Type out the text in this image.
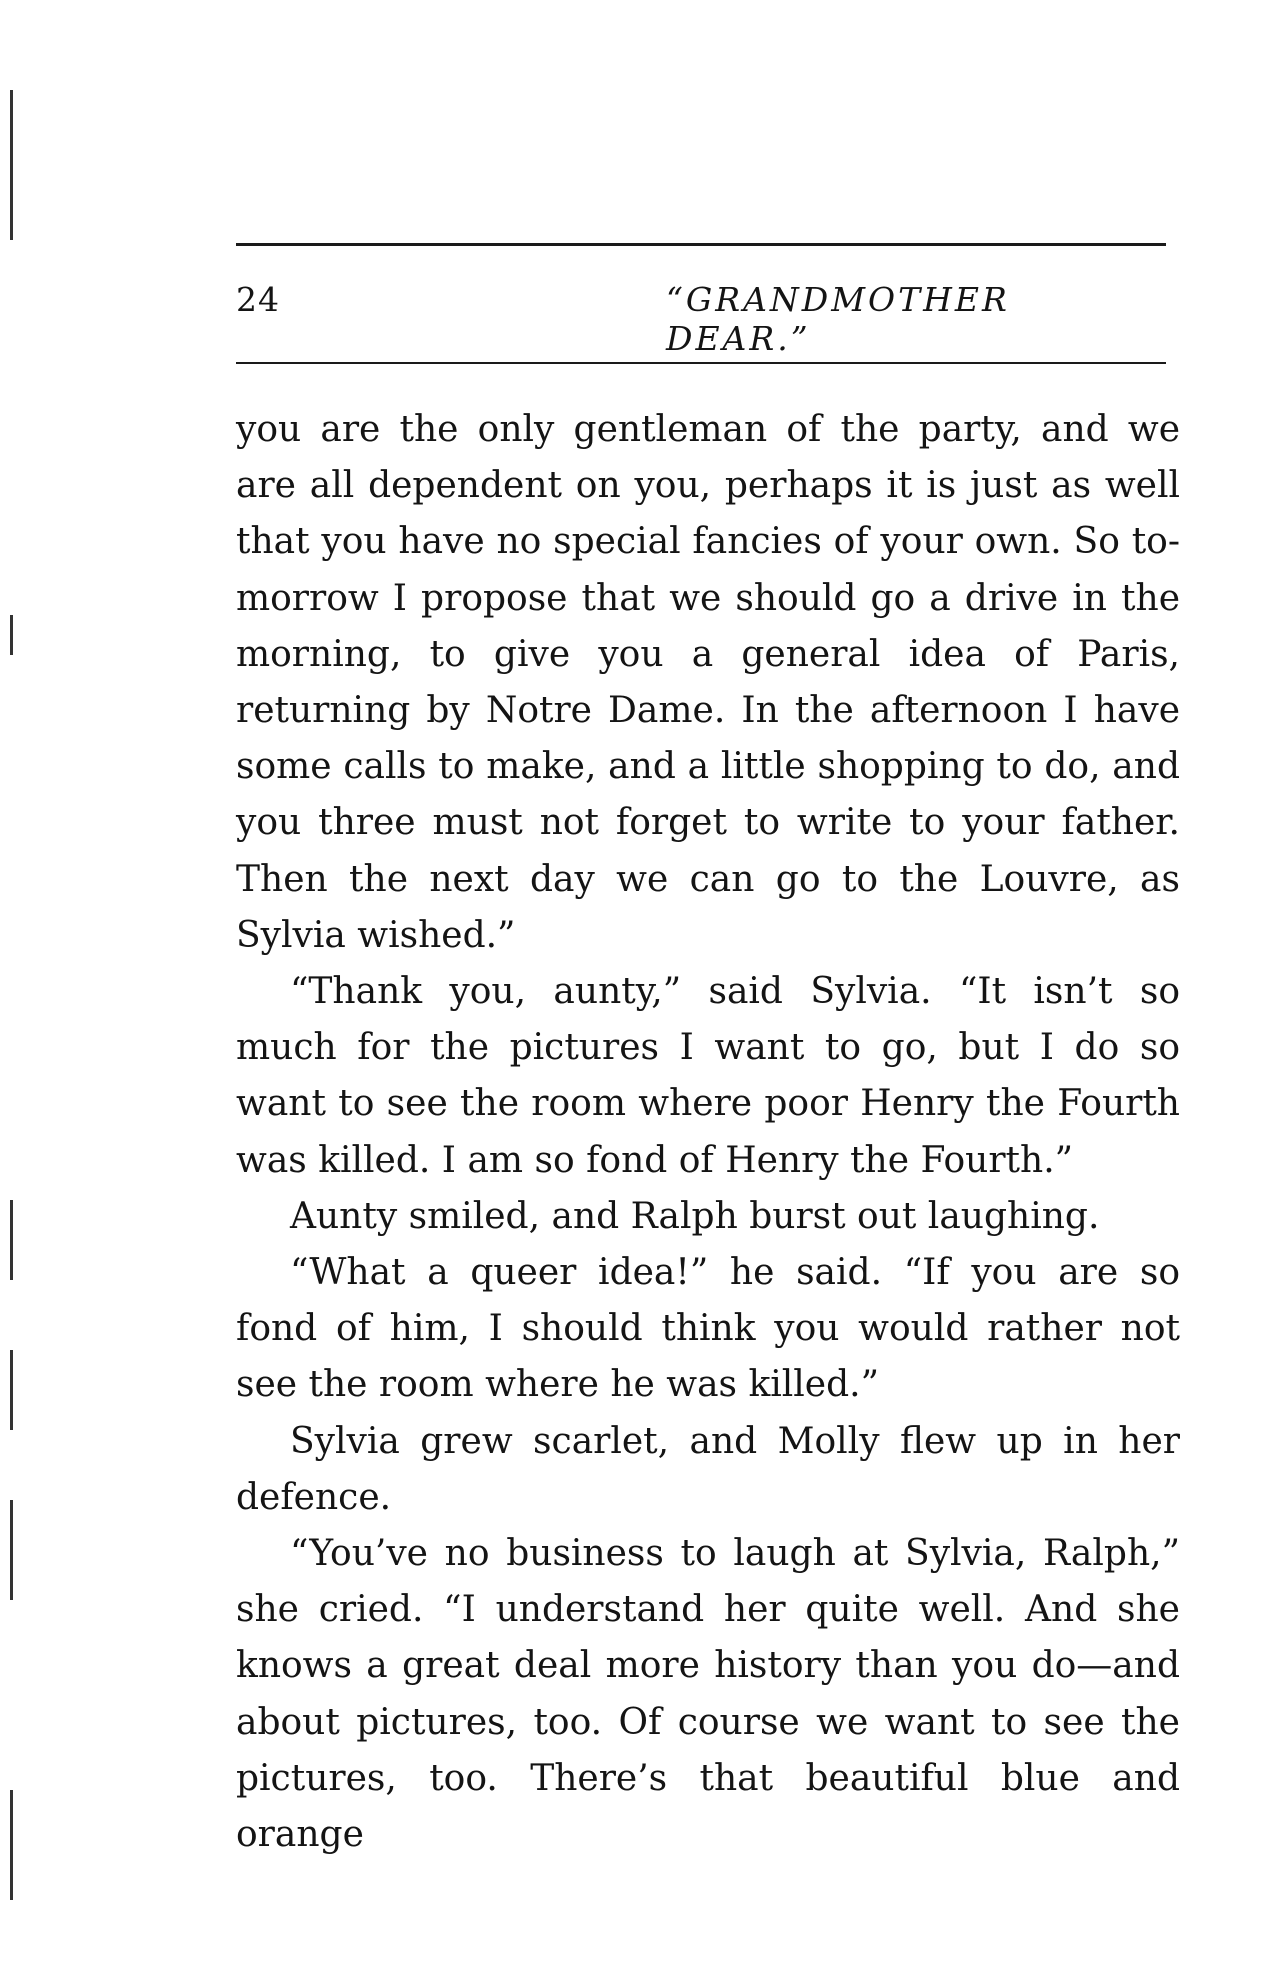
24	“GRANDMOTHER DEAR.”

you are the only gentleman of the party, and we are all dependent on you, perhaps it is just as well that you have no special fancies of your own. So to-morrow I propose that we should go a drive in the morning, to give you a general idea of Paris, returning by Notre Dame. In the afternoon I have some calls to make, and a little shopping to do, and you three must not forget to write to your father. Then the next day we can go to the Louvre, as Sylvia wished.”

“Thank you, aunty,” said Sylvia. “It isn’t so much for the pictures I want to go, but I do so want to see the room where poor Henry the Fourth was killed. I am so fond of Henry the Fourth.”

Aunty smiled, and Ralph burst out laughing.

“What a queer idea!” he said. “If you are so fond of him, I should think you would rather not see the room where he was killed.”

Sylvia grew scarlet, and Molly flew up in her defence.

“You’ve no business to laugh at Sylvia, Ralph,” she cried. “I understand her quite well. And she knows a great deal more history than you do—and about pictures, too. Of course we want to see the pictures, too. There’s that beautiful blue and orange
